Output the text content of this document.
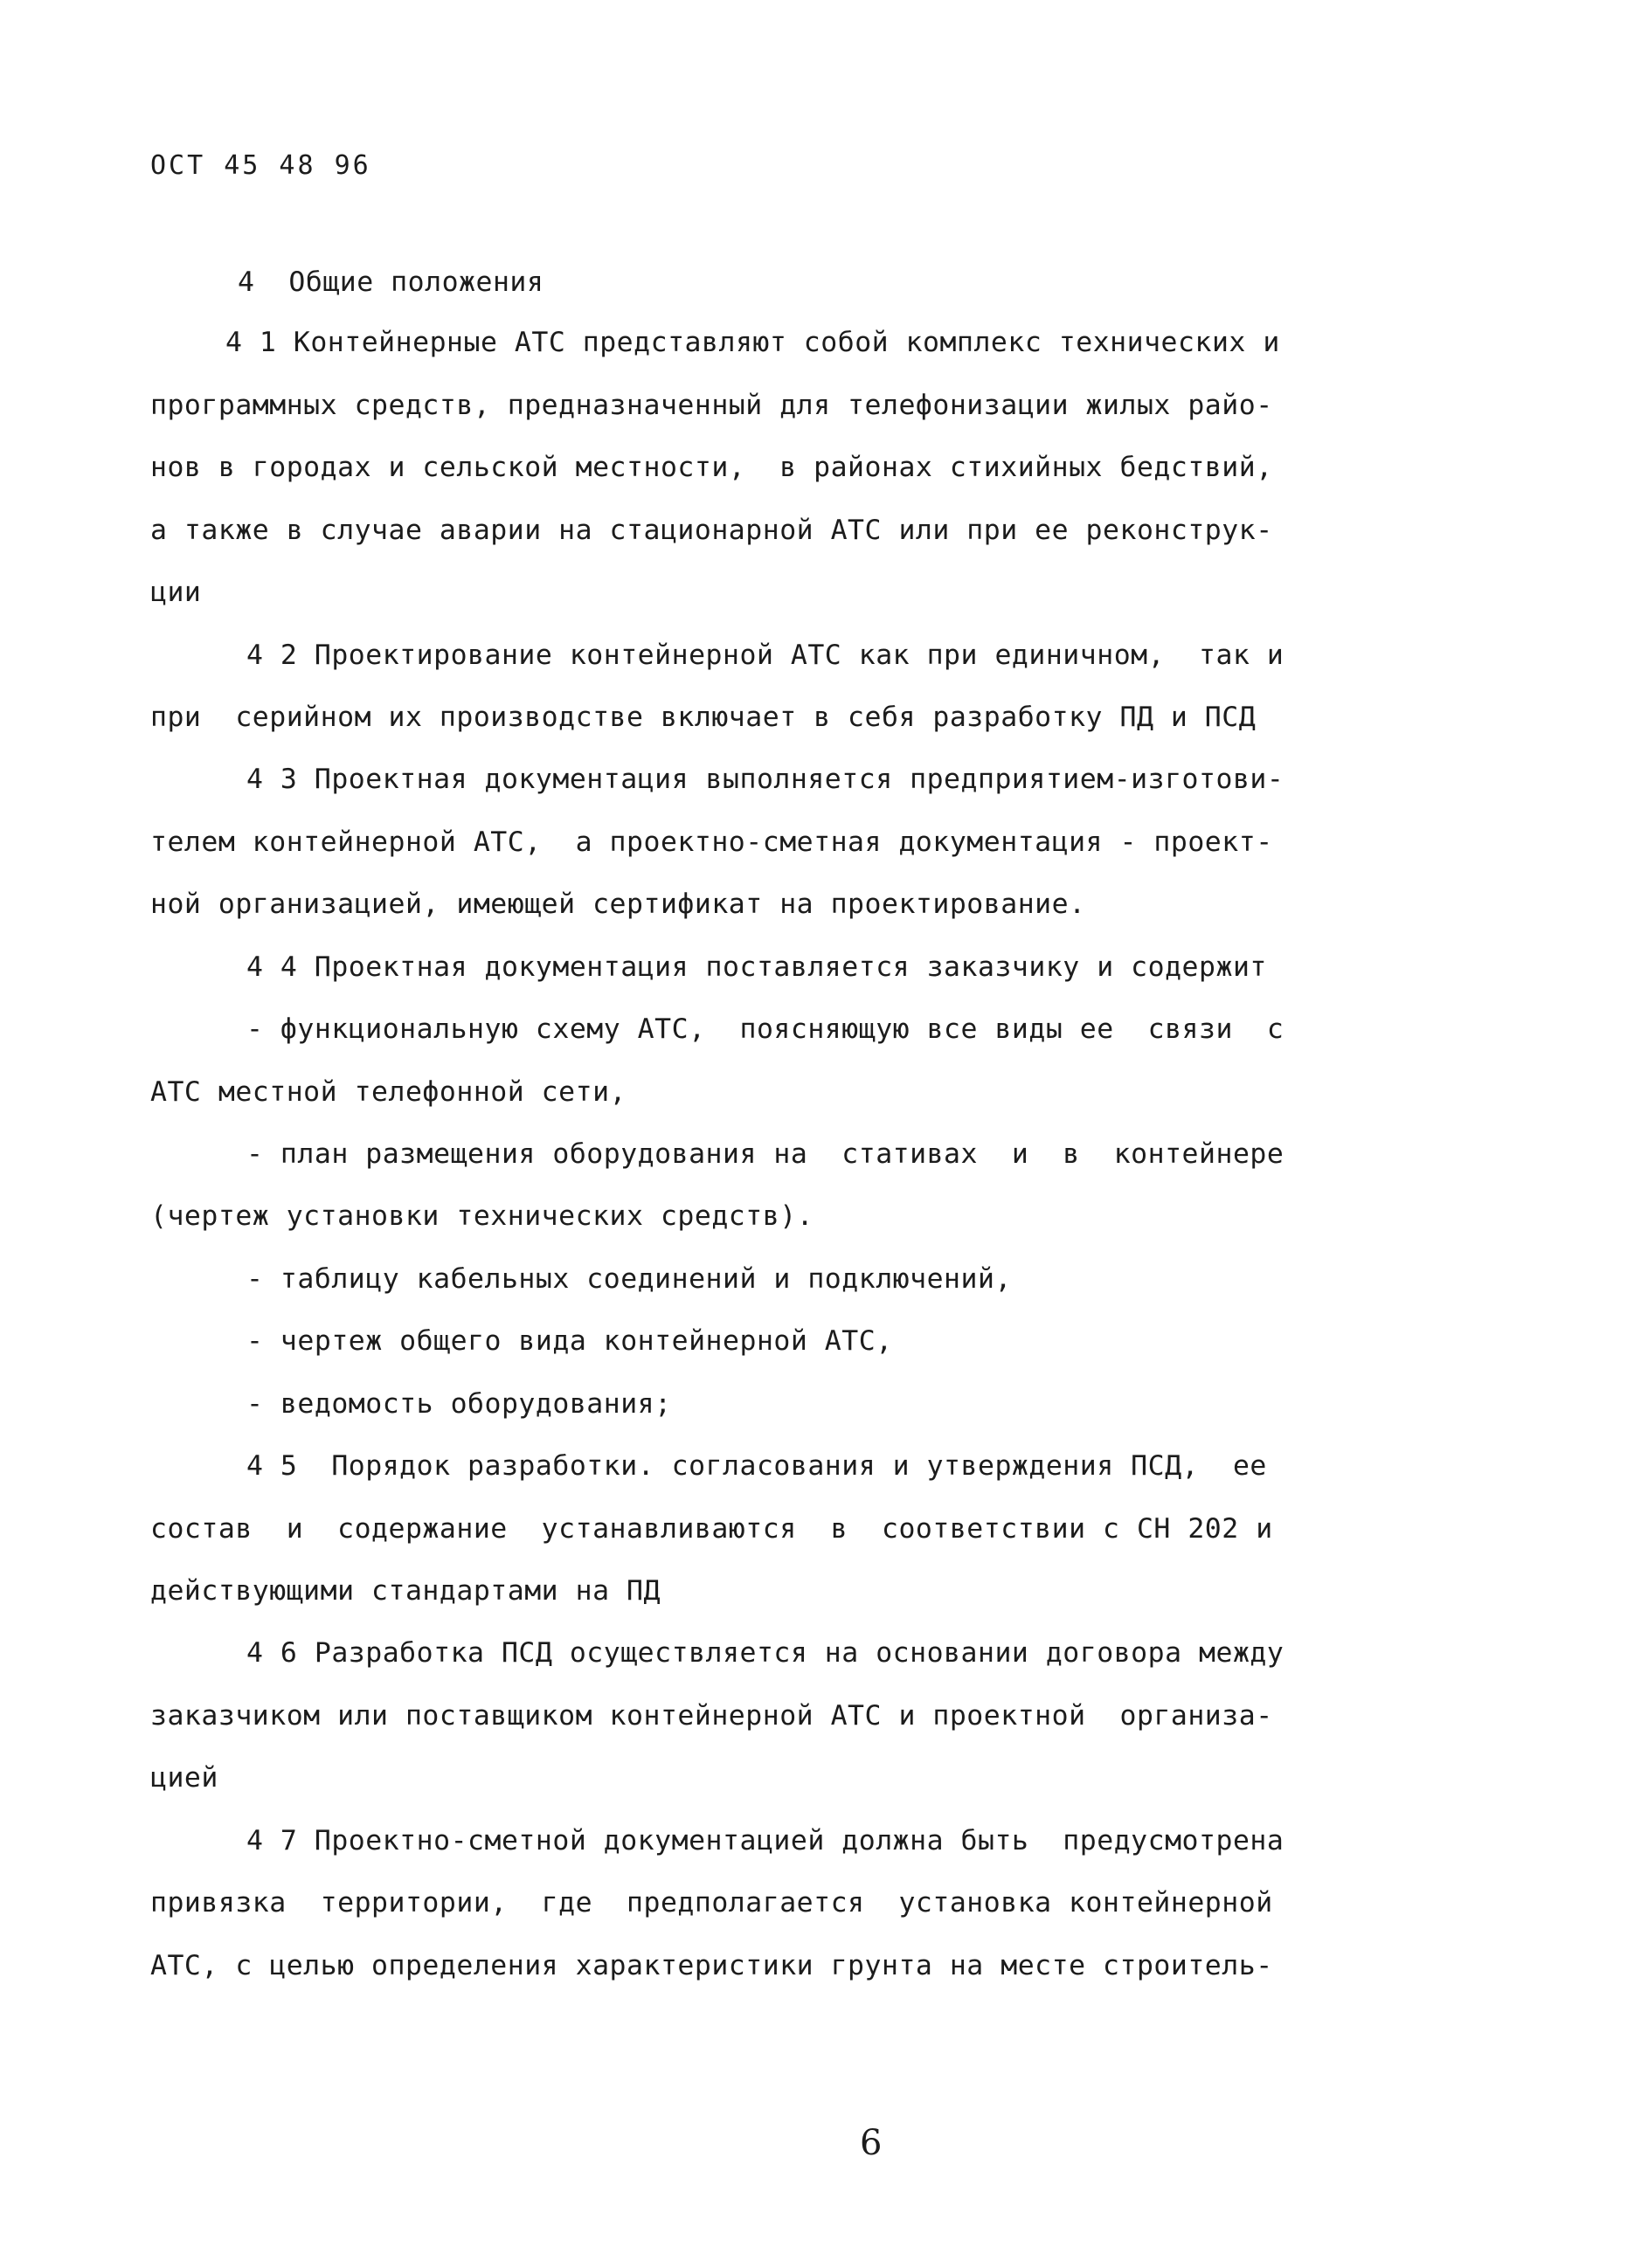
ОСТ 45 48 96
4  Общие положения
4 1 Контейнерные АТС представляют собой комплекс технических и
программных средств, предназначенный для телефонизации жилых райо-
нов в городах и сельской местности,  в районах стихийных бедствий,
а также в случае аварии на стационарной АТС или при ее реконструк-
ции
4 2 Проектирование контейнерной АТС как при единичном,  так и
при  серийном их производстве включает в себя разработку ПД и ПСД
4 3 Проектная документация выполняется предприятием-изготови-
телем контейнерной АТС,  а проектно-сметная документация - проект-
ной организацией, имеющей сертификат на проектирование.
4 4 Проектная документация поставляется заказчику и содержит
- функциональную схему АТС,  поясняющую все виды ее  связи  с
АТС местной телефонной сети,
- план размещения оборудования на  стативах  и  в  контейнере
(чертеж установки технических средств).
- таблицу кабельных соединений и подключений,
- чертеж общего вида контейнерной АТС,
- ведомость оборудования;
4 5  Порядок разработки. согласования и утверждения ПСД,  ее
состав  и  содержание  устанавливаются  в  соответствии с СН 202 и
действующими стандартами на ПД
4 6 Разработка ПСД осуществляется на основании договора между
заказчиком или поставщиком контейнерной АТС и проектной  организа-
цией
4 7 Проектно-сметной документацией должна быть  предусмотрена
привязка  территории,  где  предполагается  установка контейнерной
АТС, с целью определения характеристики грунта на месте строитель-
6
